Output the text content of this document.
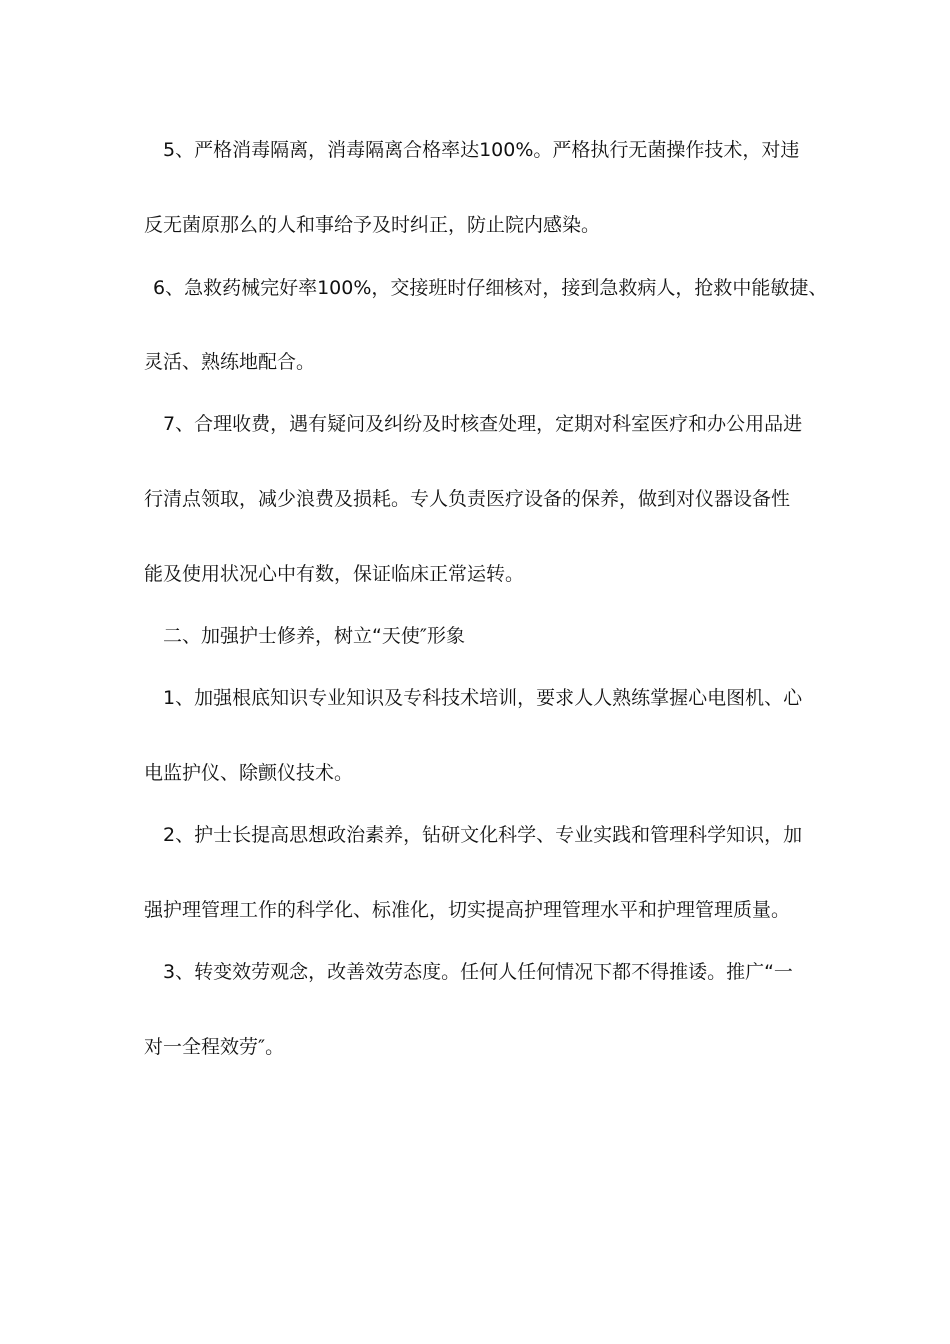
5、严格消毒隔离，消毒隔离合格率达100%。严格执行无菌操作技术，对违
反无菌原那么的人和事给予及时纠正，防止院内感染。
6、急救药械完好率100%，交接班时仔细核对，接到急救病人，抢救中能敏捷、
灵活、熟练地配合。
7、合理收费，遇有疑问及纠纷及时核查处理，定期对科室医疗和办公用品进
行清点领取，减少浪费及损耗。专人负责医疗设备的保养，做到对仪器设备性
能及使用状况心中有数，保证临床正常运转。
二、加强护士修养，树立“天使″形象
1、加强根底知识专业知识及专科技术培训，要求人人熟练掌握心电图机、心
电监护仪、除颤仪技术。
2、护士长提高思想政治素养，钻研文化科学、专业实践和管理科学知识，加
强护理管理工作的科学化、标准化，切实提高护理管理水平和护理管理质量。
3、转变效劳观念，改善效劳态度。任何人任何情况下都不得推诿。推广“一
对一全程效劳″。
